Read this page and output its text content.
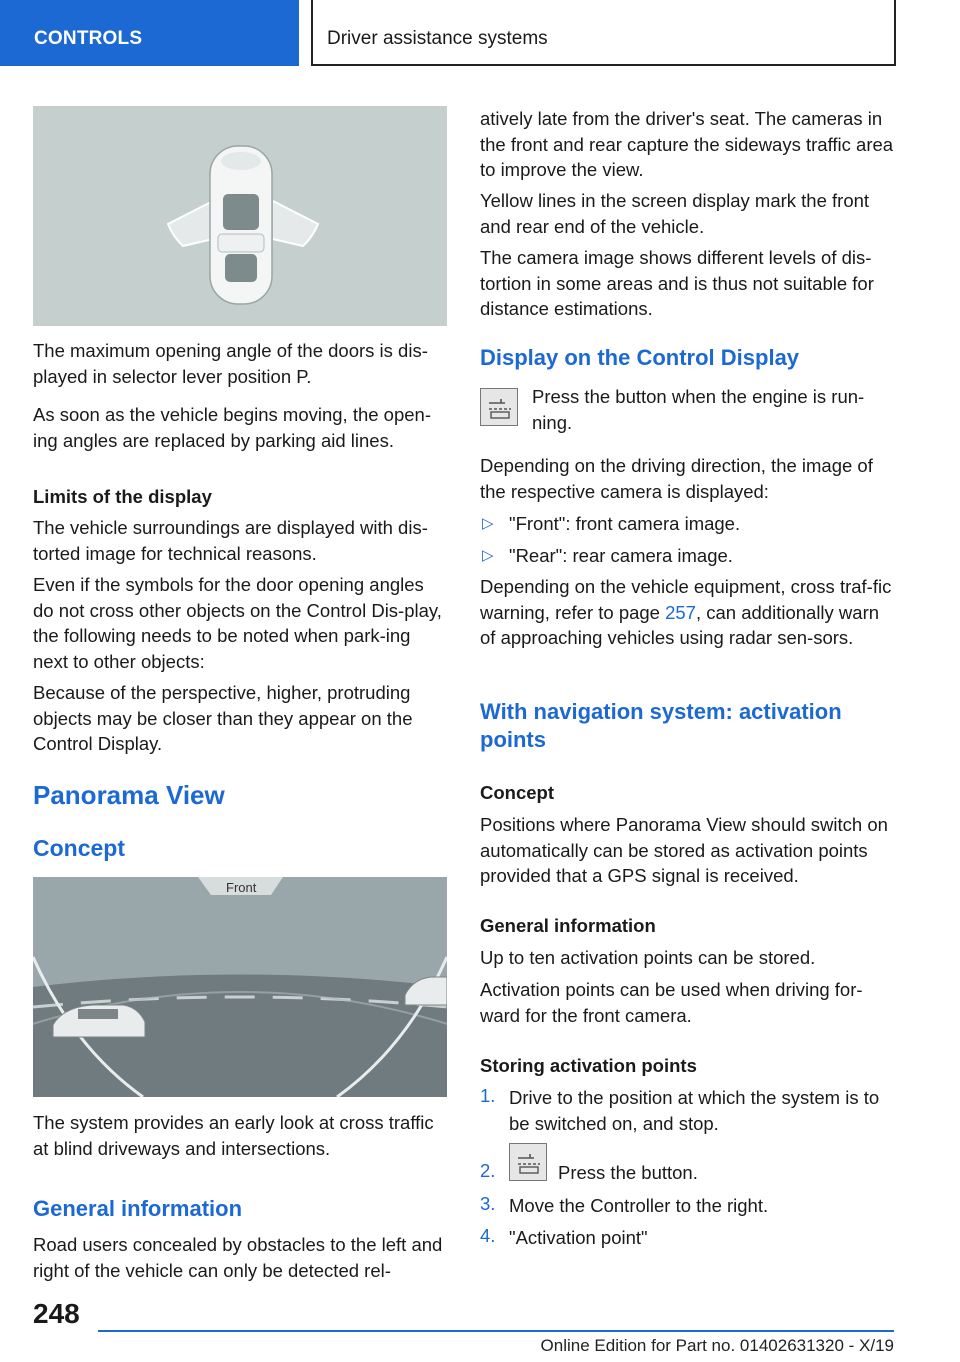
CONTROLS	Driver assistance systems

The maximum opening angle of the doors is dis-played in selector lever position P.

As soon as the vehicle begins moving, the open-ing angles are replaced by parking aid lines.

Limits of the display

The vehicle surroundings are displayed with dis-torted image for technical reasons.

Even if the symbols for the door opening angles do not cross other objects on the Control Dis-play, the following needs to be noted when park-ing next to other objects:

Because of the perspective, higher, protruding objects may be closer than they appear on the Control Display.

Panorama View
Concept
Front

The system provides an early look at cross traffic at blind driveways and intersections.

General information

Road users concealed by obstacles to the left and right of the vehicle can only be detected rel-

atively late from the driver's seat. The cameras in the front and rear capture the sideways traffic area to improve the view.

Yellow lines in the screen display mark the front and rear end of the vehicle.

The camera image shows different levels of dis-tortion in some areas and is thus not suitable for distance estimations.

Display on the Control Display

Press the button when the engine is run-ning.

Depending on the driving direction, the image of the respective camera is displayed:

▷ "Front": front camera image.

▷ "Rear": rear camera image.

Depending on the vehicle equipment, cross traf-fic warning, refer to page 257, can additionally warn of approaching vehicles using radar sen-sors.

With navigation system: activation points

Concept

Positions where Panorama View should switch on automatically can be stored as activation points provided that a GPS signal is received.

General information

Up to ten activation points can be stored.

Activation points can be used when driving for-ward for the front camera.

Storing activation points

1. Drive to the position at which the system is to be switched on, and stop.

2.	Press the button.

3. Move the Controller to the right.

4. "Activation point"

248
Online Edition for Part no. 01402631320 - X/19
